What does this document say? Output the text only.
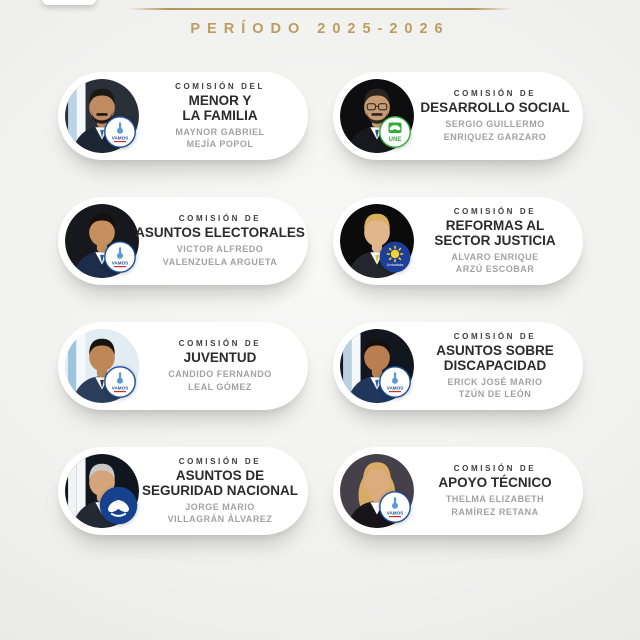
PERÍODO 2025-2026
VAMOS
COMISIÓN DEL
MENOR Y
LA FAMILIA
MAYNOR GABRIEL
MEJÍA POPOL	UNE
COMISIÓN DE
DESARROLLO SOCIAL
SERGIO GUILLERMO
ENRIQUEZ GARZARO
VAMOS
COMISIÓN DE
ASUNTOS ELECTORALES
VICTOR ALFREDO
VALENZUELA ARGUETA	Unionista
COMISIÓN DE
REFORMAS AL
SECTOR JUSTICIA
ALVARO ENRIQUE
ARZÚ ESCOBAR
VAMOS
COMISIÓN DE
JUVENTUD
CANDIDO FERNANDO
LEAL GÓMEZ	VAMOS
COMISIÓN DE
ASUNTOS SOBRE
DISCAPACIDAD
ERICK JOSÉ MARIO
TZÚN DE LEÓN
COMISIÓN DE
ASUNTOS DE
SEGURIDAD NACIONAL
JORGE MARIO
VILLAGRÁN ÁLVAREZ
VAMOS
COMISIÓN DE
APOYO TÉCNICO
THELMA ELIZABETH
RAMÍREZ RETANA
